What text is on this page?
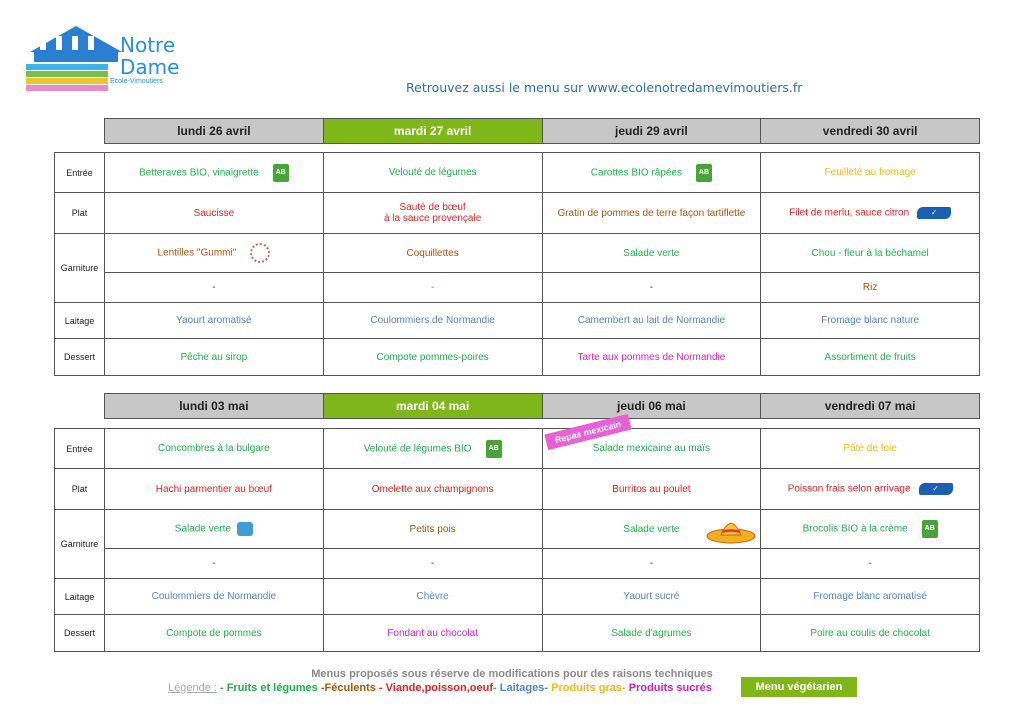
Notre
Dame
Ecole-Vimoutiers	Retrouvez aussi le menu sur www.ecolenotredamevimoutiers.fr
lundi 26 avril	mardi 27 avril	jeudi 29 avril	vendredi 30 avril
Entrée	Betteraves BIO, vinaigrette AB	Velouté de légumes	Carottes BIO râpées AB	Feuilleté au fromage
Plat	Saucisse	Sauté de bœuf
à la sauce provençale	Gratin de pommes de terre façon tartiflette	Filet de merlu, sauce citron ✓
Garniture	Lentilles "Gummi"	Coquillettes	Salade verte	Chou - fleur à la béchamel
	-	-	-	Riz
Laitage	Yaourt aromatisé	Coulommiers de Normandie	Camembert au lait de Normandie	Fromage blanc nature
Dessert	Pêche au sirop	Compote pommes-poires	Tarte aux pommes de Normandie	Assortiment de fruits
lundi 03 mai	mardi 04 mai	jeudi 06 mai	vendredi 07 mai
Entrée	Concombres à la bulgare	Velouté de légumes BIO AB	Salade mexicaine au maïs	Pâté de foie
Plat	Hachi parmentier au bœuf	Omelette aux champignons	Burritos au poulet	Poisson frais selon arrivage ✓
Garniture	Salade verte	Petits pois	Salade verte	Brocolis BIO à la crème AB
	-	-	-	-
Laitage	Coulommiers de Normandie	Chèvre	Yaourt sucré	Fromage blanc aromatisé
Dessert	Compote de pommes	Fondant au chocolat	Salade d'agrumes	Poire au coulis de chocolat
Repas mexicain
Menus proposés sous réserve de modifications pour des raisons techniques
Légende : - Fruits et légumes -Féculents - Viande,poisson,oeuf- Laitages- Produits gras- Produits sucrés	Menu végétarien
